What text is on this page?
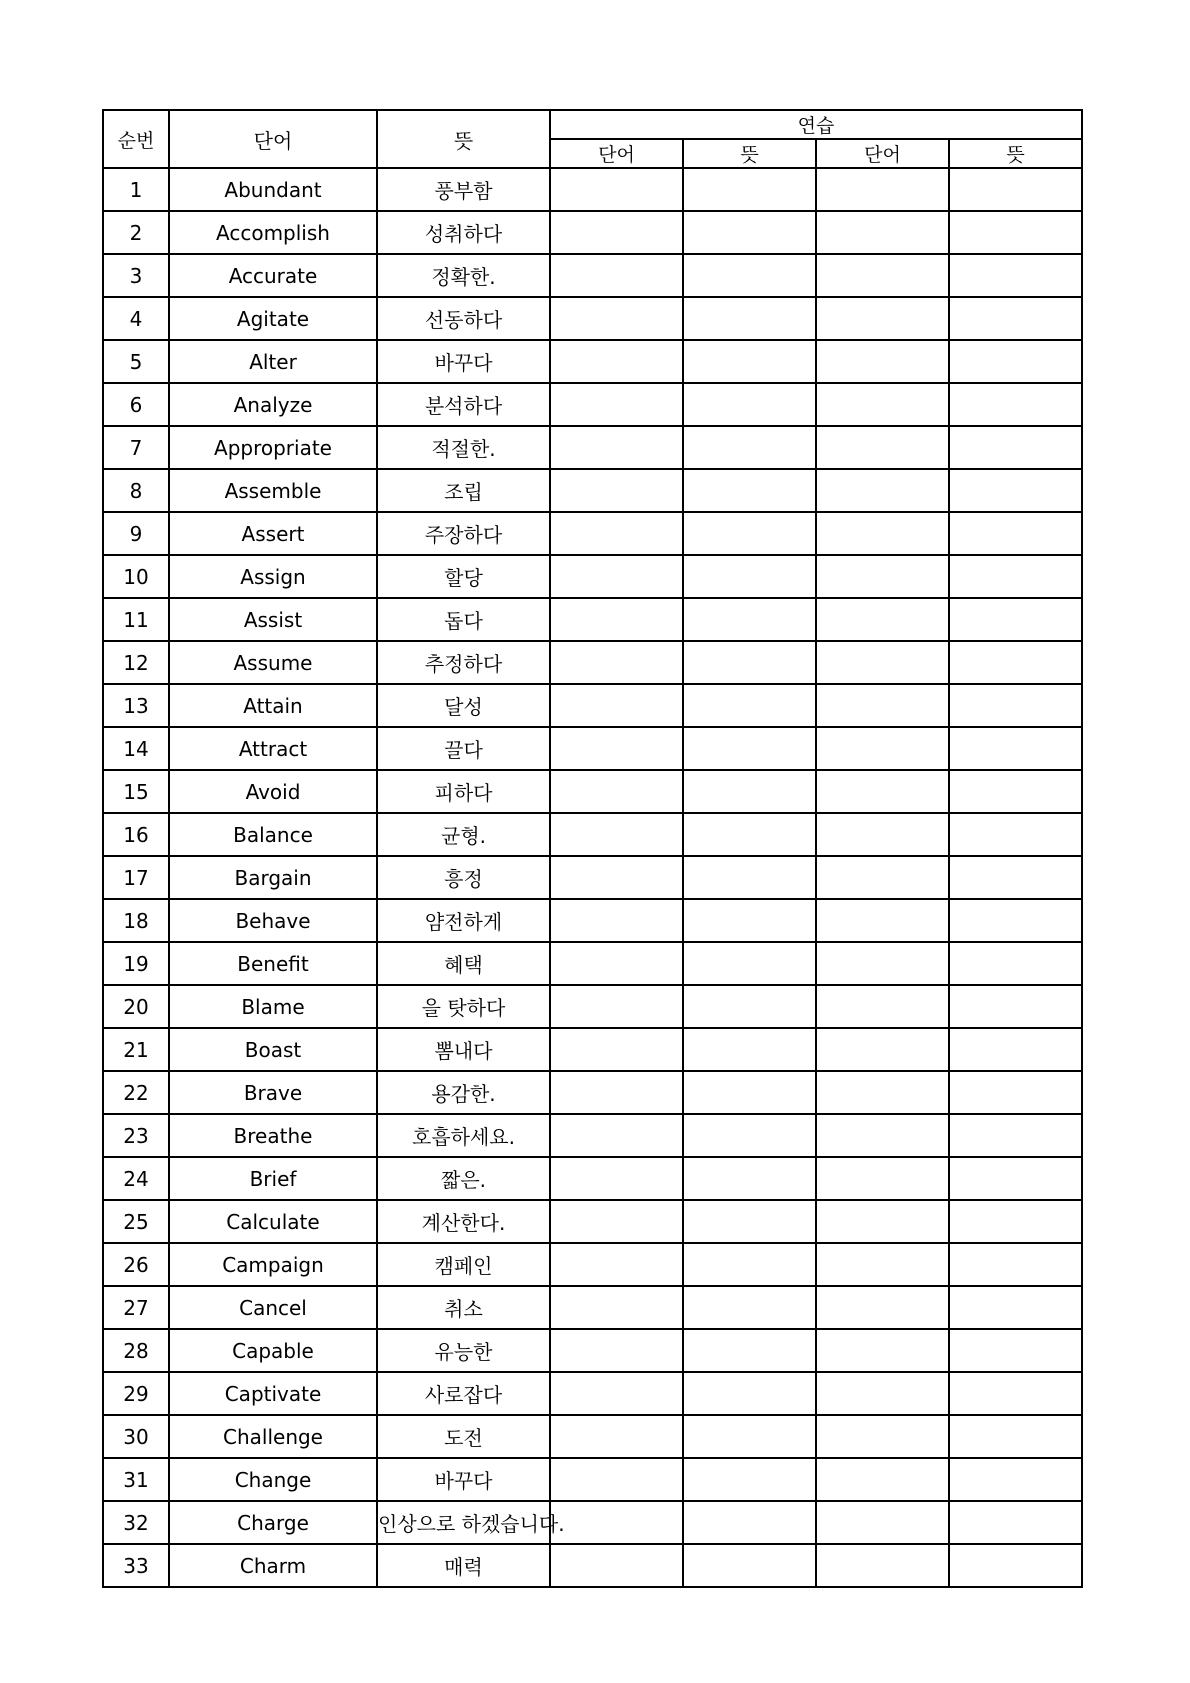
순번	단어	뜻	연습			
			단어	뜻	단어	뜻
1	Abundant	풍부함				
2	Accomplish	성취하다				
3	Accurate	정확한.				
4	Agitate	선동하다				
5	Alter	바꾸다				
6	Analyze	분석하다				
7	Appropriate	적절한.				
8	Assemble	조립				
9	Assert	주장하다				
10	Assign	할당				
11	Assist	돕다				
12	Assume	추정하다				
13	Attain	달성				
14	Attract	끌다				
15	Avoid	피하다				
16	Balance	균형.				
17	Bargain	흥정				
18	Behave	얌전하게				
19	Benefit	혜택				
20	Blame	을 탓하다				
21	Boast	뽐내다				
22	Brave	용감한.				
23	Breathe	호흡하세요.				
24	Brief	짧은.				
25	Calculate	계산한다.				
26	Campaign	캠페인				
27	Cancel	취소				
28	Capable	유능한				
29	Captivate	사로잡다				
30	Challenge	도전				
31	Change	바꾸다				
32	Charge	인상으로 하겠습니다.				
33	Charm	매력				
